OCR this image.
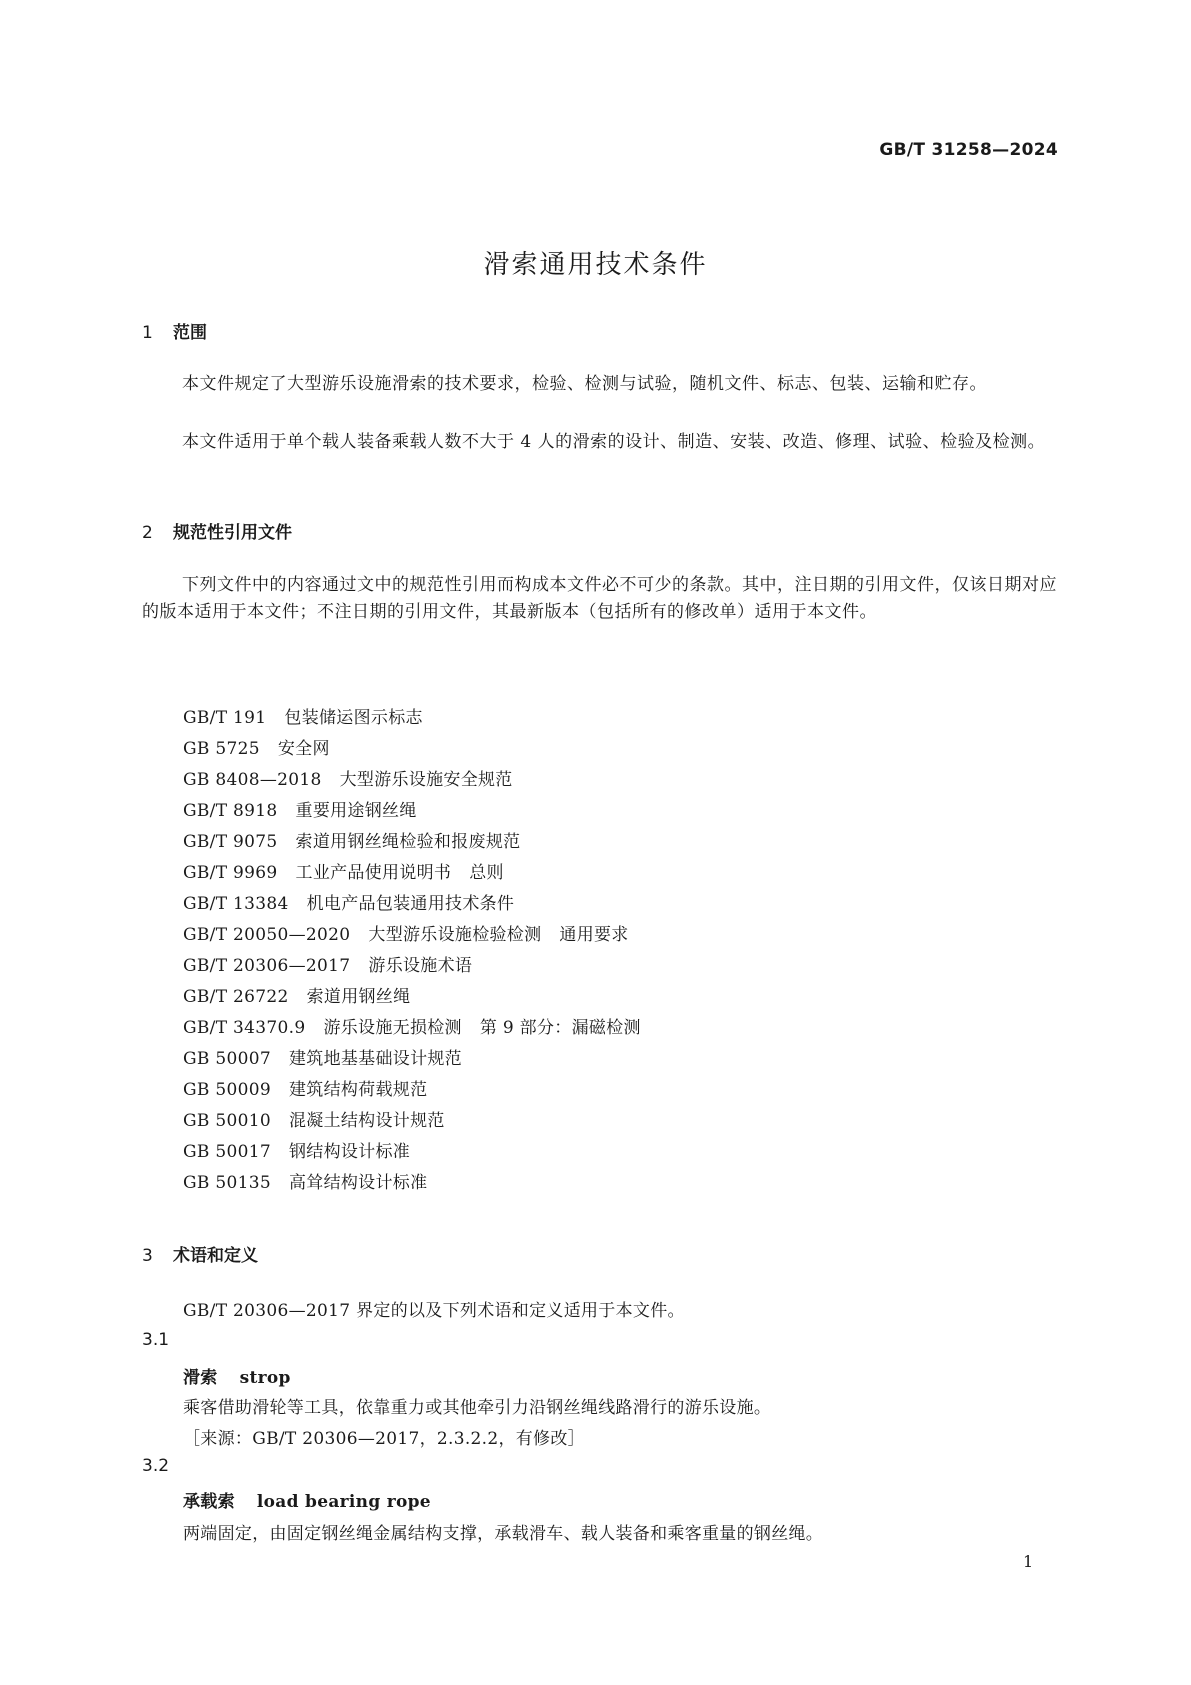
GB/T 31258—2024
滑索通用技术条件
1 范围
本文件规定了大型游乐设施滑索的技术要求，检验、检测与试验，随机文件、标志、包装、运输和贮存。
本文件适用于单个载人装备乘载人数不大于 4 人的滑索的设计、制造、安装、改造、修理、试验、检验及检测。
2 规范性引用文件
下列文件中的内容通过文中的规范性引用而构成本文件必不可少的条款。其中，注日期的引用文件，仅该日期对应的版本适用于本文件；不注日期的引用文件，其最新版本（包括所有的修改单）适用于本文件。
GB/T 191 包装储运图示标志
GB 5725 安全网
GB 8408—2018 大型游乐设施安全规范
GB/T 8918 重要用途钢丝绳
GB/T 9075 索道用钢丝绳检验和报废规范
GB/T 9969 工业产品使用说明书 总则
GB/T 13384 机电产品包装通用技术条件
GB/T 20050—2020 大型游乐设施检验检测 通用要求
GB/T 20306—2017 游乐设施术语
GB/T 26722 索道用钢丝绳
GB/T 34370.9 游乐设施无损检测 第 9 部分：漏磁检测
GB 50007 建筑地基基础设计规范
GB 50009 建筑结构荷载规范
GB 50010 混凝土结构设计规范
GB 50017 钢结构设计标准
GB 50135 高耸结构设计标准
3 术语和定义
GB/T 20306—2017 界定的以及下列术语和定义适用于本文件。
3.1
滑索 strop
乘客借助滑轮等工具，依靠重力或其他牵引力沿钢丝绳线路滑行的游乐设施。
［来源：GB/T 20306—2017，2.3.2.2，有修改］
3.2
承载索 load bearing rope
两端固定，由固定钢丝绳金属结构支撑，承载滑车、载人装备和乘客重量的钢丝绳。
1
